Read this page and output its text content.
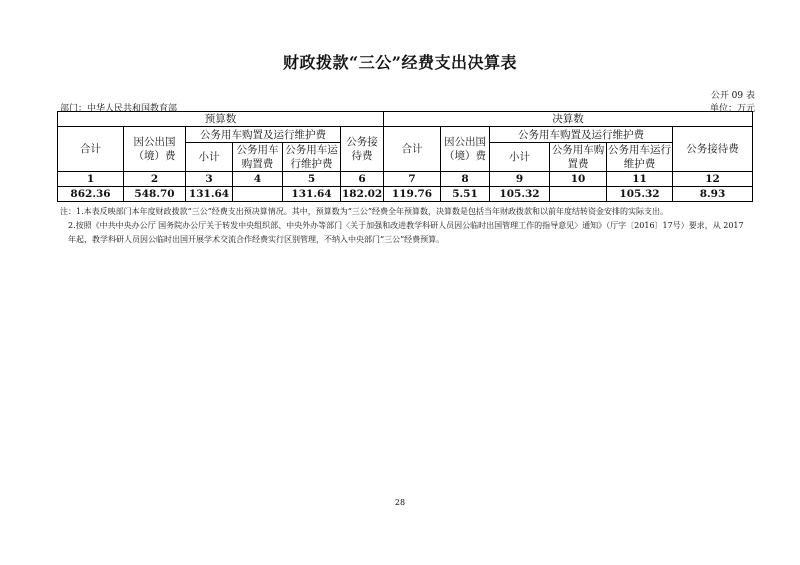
财政拨款“三公”经费支出决算表
公开 09 表
部门：中华人民共和国教育部	单位：万元
预算数						决算数					
合计	因公出国（境）费	公务用车购置及运行维护费			公务接待费	合计	因公出国（境）费	公务用车购置及运行维护费			公务接待费
		小计	公务用车购置费	公务用车运行维护费				小计	公务用车购置费	公务用车运行维护费	
1	2	3	4	5	6	7	8	9	10	11	12
862.36	548.70	131.64		131.64	182.02	119.76	5.51	105.32		105.32	8.93

注：1.本表反映部门本年度财政拨款“三公”经费支出预决算情况。其中，预算数为“三公”经费全年预算数，决算数是包括当年财政拨款和以前年度结转资金安排的实际支出。

2.按照《中共中央办公厅 国务院办公厅关于转发中央组织部、中央外办等部门〈关于加强和改进教学科研人员因公临时出国管理工作的指导意见〉通知》（厅字〔2016〕17号）要求，从 2017 年起，教学科研人员因公临时出国开展学术交流合作经费实行区别管理，不纳入中央部门“三公”经费预算。

28
